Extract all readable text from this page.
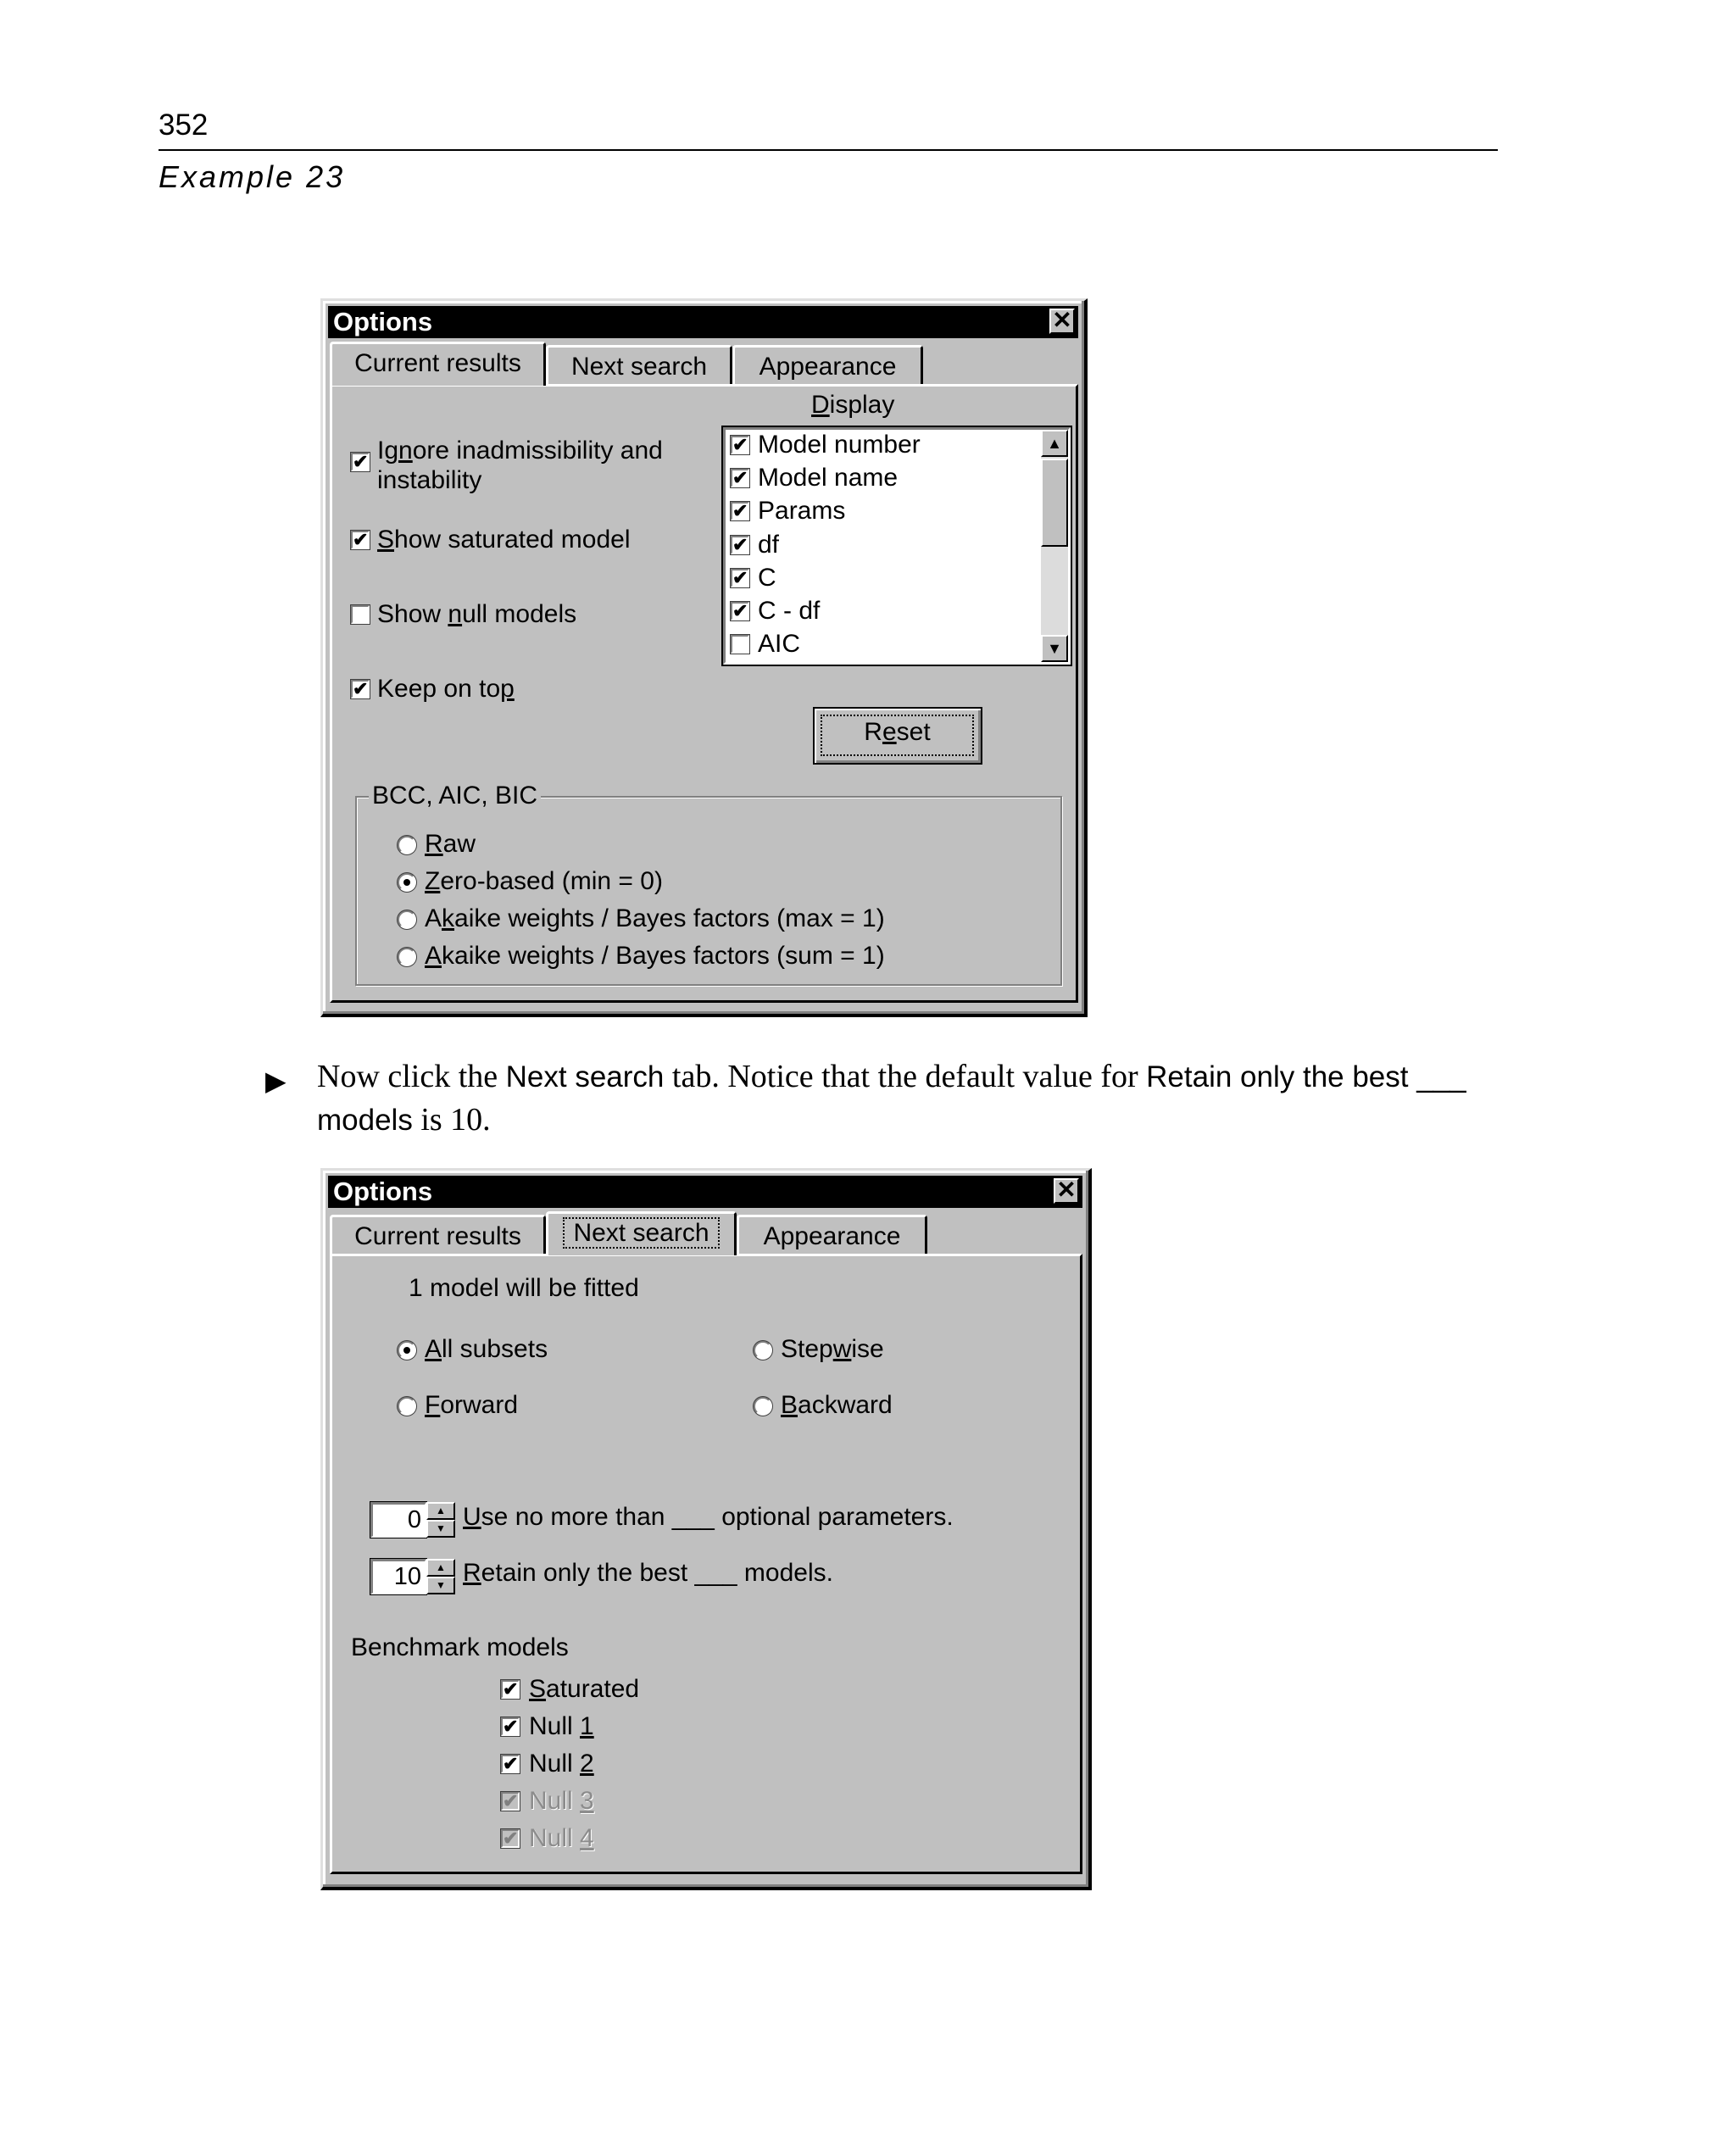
352
Example 23
Options	✕
Current results	Next search	Appearance
✔ Ignore inadmissibility and
instability
✔ Show saturated model
Show null models
✔ Keep on top
Display
✔ Model number
✔ Model name
✔ Params
✔ df
✔ C
✔ C - df
AIC
▲
▼
Reset
BCC, AIC, BIC
Raw
Zero-based (min = 0)
Akaike weights / Bayes factors (max = 1)
Akaike weights / Bayes factors (sum = 1)
▶ Now click the Next search tab. Notice that the default value for Retain only the best ___
models is 10.
Options	✕
Current results	Next search	Appearance
1 model will be fitted
All subsets	Stepwise
Forward	Backward
0	▲
▼ Use no more than ___ optional parameters.
10	▲
▼ Retain only the best ___ models.
Benchmark models
✔ Saturated
✔ Null 1
✔ Null 2
✔ Null 3
✔ Null 4
